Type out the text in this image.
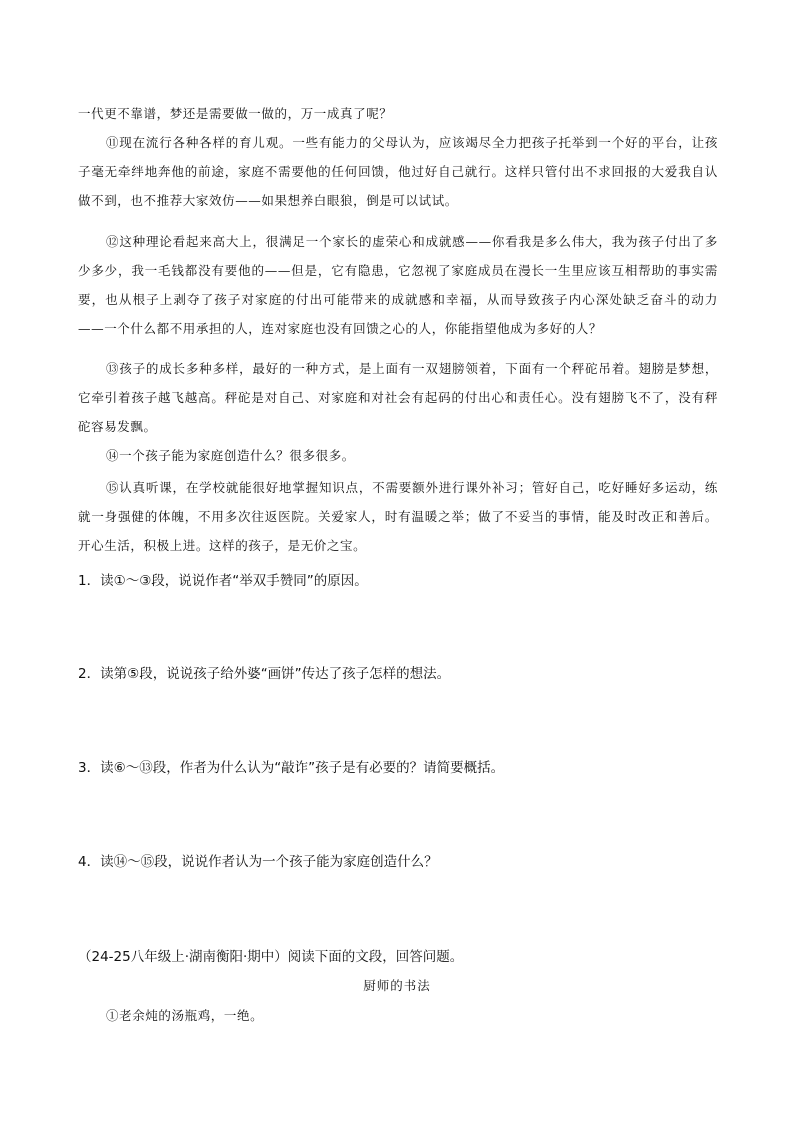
一代更不靠谱，梦还是需要做一做的，万一成真了呢？
⑪现在流行各种各样的育儿观。一些有能力的父母认为，应该竭尽全力把孩子托举到一个好的平台，让孩子毫无牵绊地奔他的前途，家庭不需要他的任何回馈，他过好自己就行。这样只管付出不求回报的大爱我自认做不到，也不推荐大家效仿——如果想养白眼狼，倒是可以试试。
⑫这种理论看起来高大上，很满足一个家长的虚荣心和成就感——你看我是多么伟大，我为孩子付出了多少多少，我一毛钱都没有要他的——但是，它有隐患，它忽视了家庭成员在漫长一生里应该互相帮助的事实需要，也从根子上剥夺了孩子对家庭的付出可能带来的成就感和幸福，从而导致孩子内心深处缺乏奋斗的动力——一个什么都不用承担的人，连对家庭也没有回馈之心的人，你能指望他成为多好的人？
⑬孩子的成长多种多样，最好的一种方式，是上面有一双翅膀领着，下面有一个秤砣吊着。翅膀是梦想，它牵引着孩子越飞越高。秤砣是对自己、对家庭和对社会有起码的付出心和责任心。没有翅膀飞不了，没有秤砣容易发飘。
⑭一个孩子能为家庭创造什么？很多很多。
⑮认真听课，在学校就能很好地掌握知识点，不需要额外进行课外补习；管好自己，吃好睡好多运动，练就一身强健的体魄，不用多次往返医院。关爱家人，时有温暖之举；做了不妥当的事情，能及时改正和善后。开心生活，积极上进。这样的孩子，是无价之宝。
1．读①～③段，说说作者“举双手赞同”的原因。
2．读第⑤段，说说孩子给外婆“画饼”传达了孩子怎样的想法。
3．读⑥～⑬段，作者为什么认为“敲诈”孩子是有必要的？请简要概括。
4．读⑭～⑮段，说说作者认为一个孩子能为家庭创造什么？
（24-25八年级上·湖南衡阳·期中）阅读下面的文段，回答问题。
厨师的书法
①老余炖的汤瓶鸡，一绝。
